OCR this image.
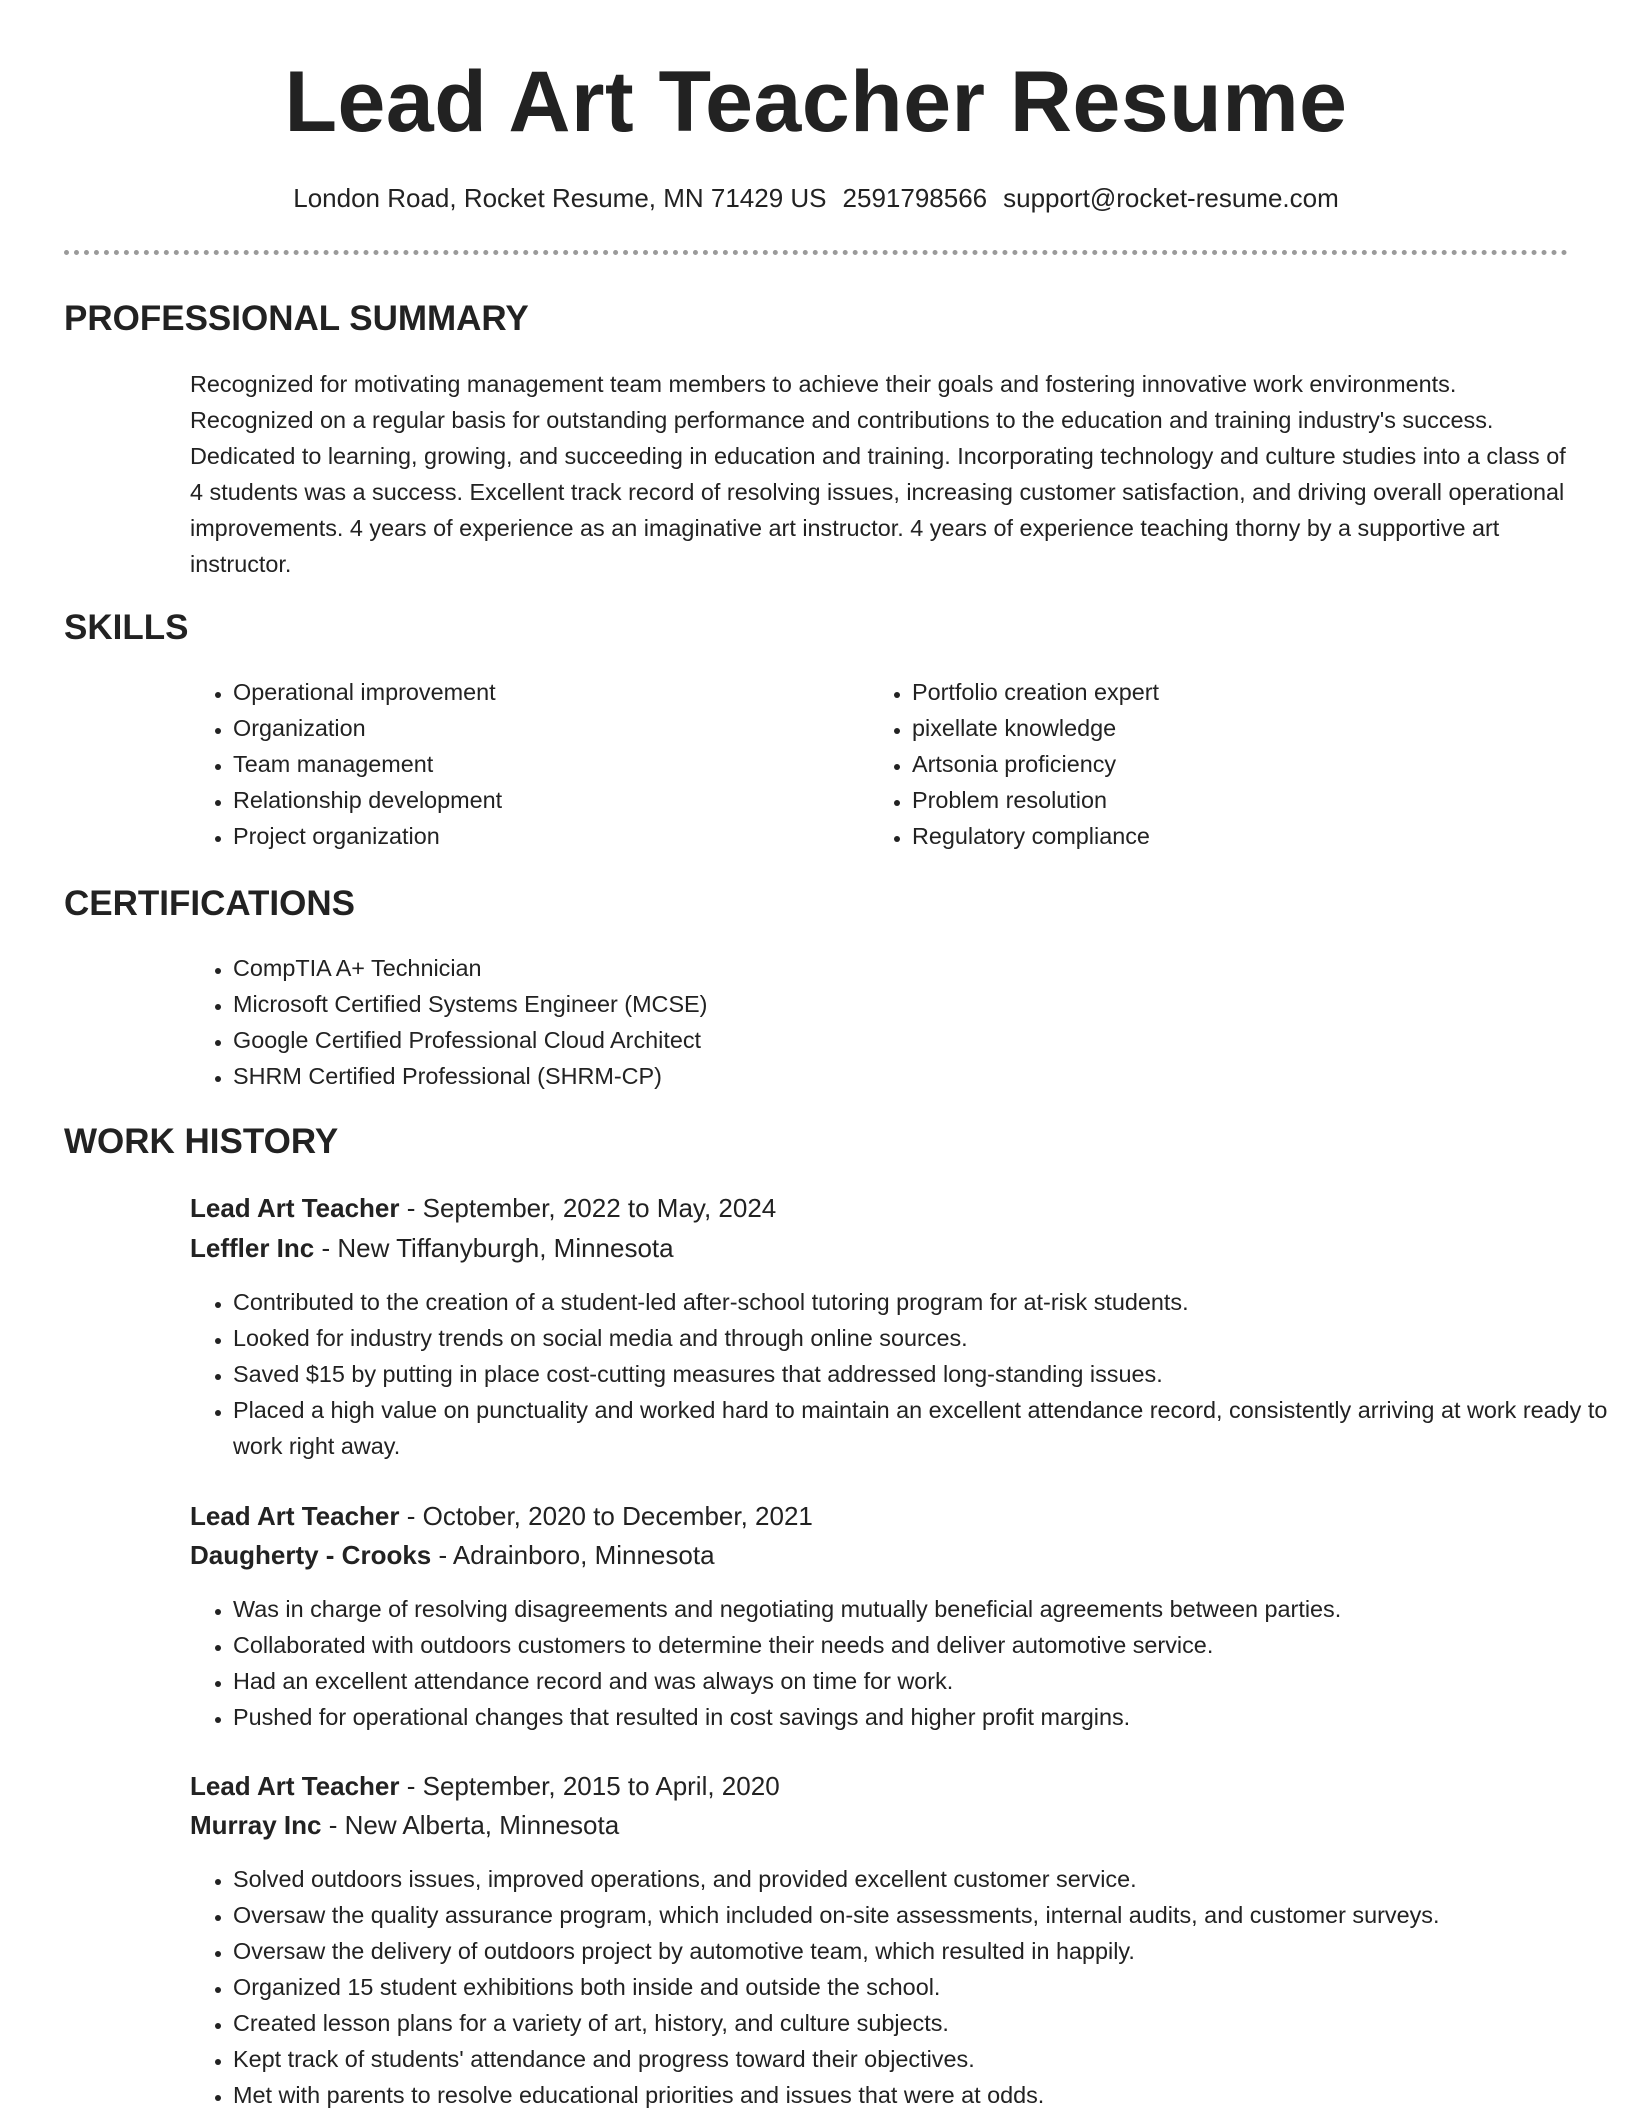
Lead Art Teacher Resume
London Road, Rocket Resume, MN 71429 US 2591798566 support@rocket-resume.com
PROFESSIONAL SUMMARY

Recognized for motivating management team members to achieve their goals and fostering innovative work environments. Recognized on a regular basis for outstanding performance and contributions to the education and training industry's success. Dedicated to learning, growing, and succeeding in education and training. Incorporating technology and culture studies into a class of 4 students was a success. Excellent track record of resolving issues, increasing customer satisfaction, and driving overall operational improvements. 4 years of experience as an imaginative art instructor. 4 years of experience teaching thorny by a supportive art instructor.

SKILLS
• Operational improvement
• Organization
• Team management
• Relationship development
• Project organization
• Portfolio creation expert
• pixellate knowledge
• Artsonia proficiency
• Problem resolution
• Regulatory compliance
CERTIFICATIONS
• CompTIA A+ Technician
• Microsoft Certified Systems Engineer (MCSE)
• Google Certified Professional Cloud Architect
• SHRM Certified Professional (SHRM-CP)
WORK HISTORY
Lead Art Teacher - September, 2022 to May, 2024
Leffler Inc - New Tiffanyburgh, Minnesota
• Contributed to the creation of a student-led after-school tutoring program for at-risk students.
• Looked for industry trends on social media and through online sources.
• Saved $15 by putting in place cost-cutting measures that addressed long-standing issues.
• Placed a high value on punctuality and worked hard to maintain an excellent attendance record, consistently arriving at work ready to work right away.
Lead Art Teacher - October, 2020 to December, 2021
Daugherty - Crooks - Adrainboro, Minnesota
• Was in charge of resolving disagreements and negotiating mutually beneficial agreements between parties.
• Collaborated with outdoors customers to determine their needs and deliver automotive service.
• Had an excellent attendance record and was always on time for work.
• Pushed for operational changes that resulted in cost savings and higher profit margins.
Lead Art Teacher - September, 2015 to April, 2020
Murray Inc - New Alberta, Minnesota
• Solved outdoors issues, improved operations, and provided excellent customer service.
• Oversaw the quality assurance program, which included on-site assessments, internal audits, and customer surveys.
• Oversaw the delivery of outdoors project by automotive team, which resulted in happily.
• Organized 15 student exhibitions both inside and outside the school.
• Created lesson plans for a variety of art, history, and culture subjects.
• Kept track of students' attendance and progress toward their objectives.
• Met with parents to resolve educational priorities and issues that were at odds.
